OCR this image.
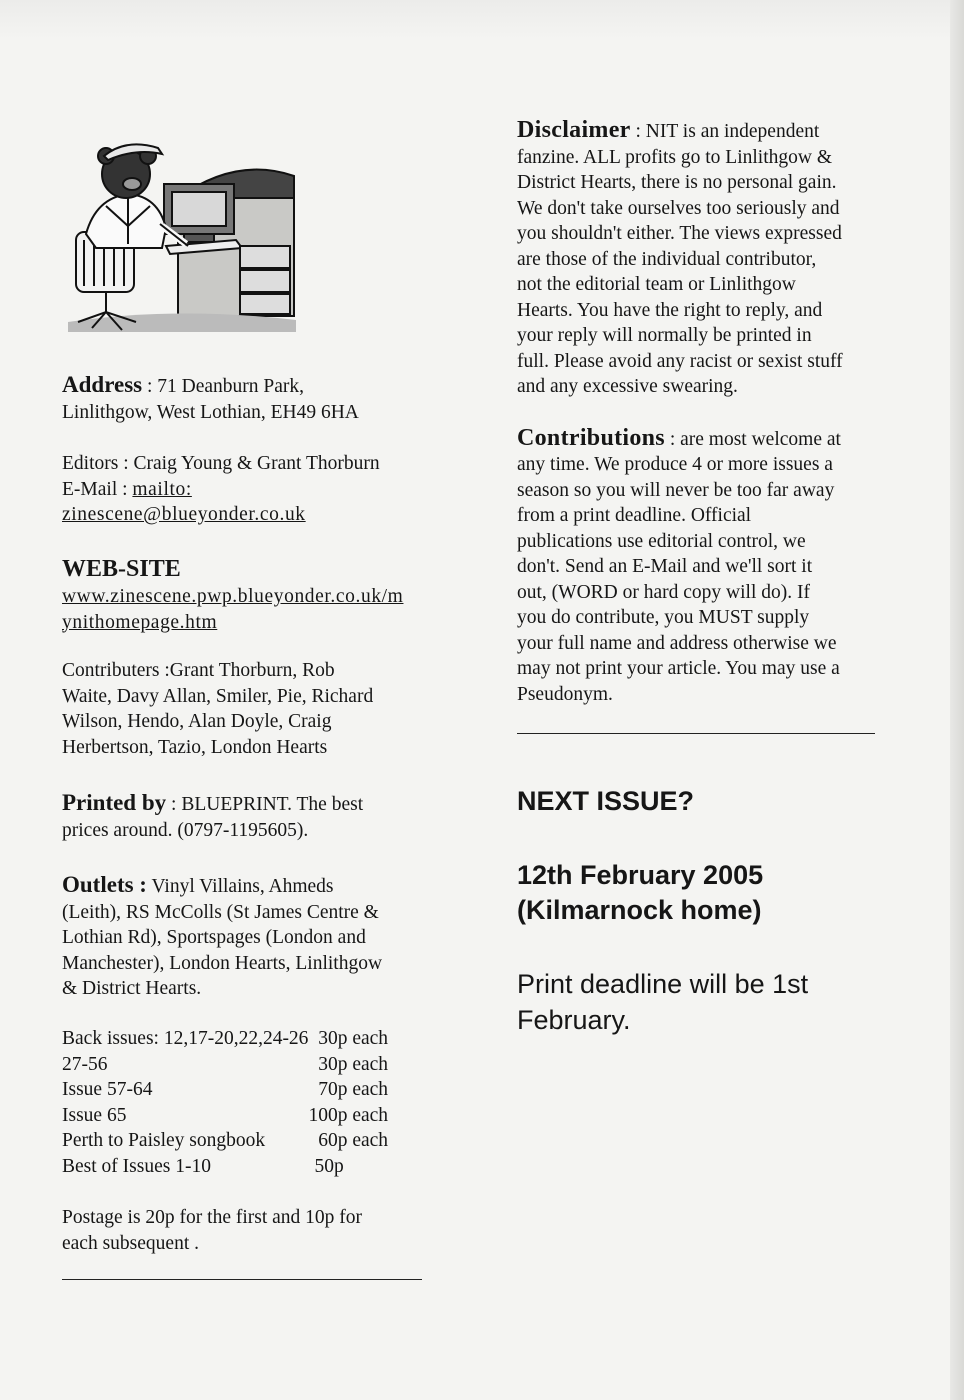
Address : 71 Deanburn Park,

Linlithgow, West Lothian, EH49 6HA

Editors : Craig Young & Grant Thorburn

E-Mail : mailto:

zinescene@blueyonder.co.uk

WEB-SITE

www.zinescene.pwp.blueyonder.co.uk/m

ynithomepage.htm

Contributers :Grant Thorburn, Rob

Waite, Davy Allan, Smiler, Pie, Richard

Wilson, Hendo, Alan Doyle, Craig

Herbertson, Tazio, London Hearts

Printed by : BLUEPRINT. The best

prices around. (0797-1195605).

Outlets : Vinyl Villains, Ahmeds

(Leith), RS McColls (St James Centre &

Lothian Rd), Sportspages (London and

Manchester), London Hearts, Linlithgow

& District Hearts.

Back issues: 12,17-20,22,24-26	30p each
27-56	30p each
Issue 57-64	70p each
Issue 65	100p each
Perth to Paisley songbook	60p each
Best of Issues 1-10	50p

Postage is 20p for the first and 10p for

each subsequent .

Disclaimer : NIT is an independent

fanzine. ALL profits go to Linlithgow &

District Hearts, there is no personal gain.

We don't take ourselves too seriously and

you shouldn't either. The views expressed

are those of the individual contributor,

not the editorial team or Linlithgow

Hearts. You have the right to reply, and

your reply will normally be printed in

full. Please avoid any racist or sexist stuff

and any excessive swearing.

Contributions : are most welcome at

any time. We produce 4 or more issues a

season so you will never be too far away

from a print deadline. Official

publications use editorial control, we

don't. Send an E-Mail and we'll sort it

out, (WORD or hard copy will do). If

you do contribute, you MUST supply

your full name and address otherwise we

may not print your article. You may use a

Pseudonym.

NEXT ISSUE?
12th February 2005
(Kilmarnock home)
Print deadline will be 1st
February.
